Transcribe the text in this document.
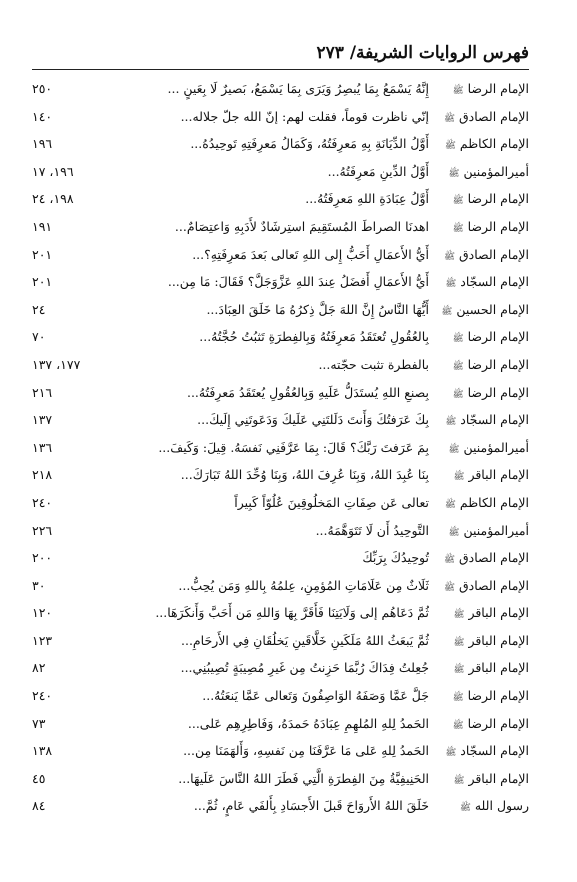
فهرس الروايات الشريفة/ ٢٧٣
الإمام الرضا ﷺ
إِنَّهُ يَسْمَعُ بِمَا يُبصِرُ وَيَرَى بِمَا يَسْمَعُ، بَصيرٌ لَا بِعَينٍ ...
٢٥٠
الإمام الصادق ﷺ
إنّي ناظرت قوماً، فقلت لهم: إنّ الله جلّ جلاله...
١٤٠
الإمام الكاظم ﷺ
أَوَّلُ الدِّيَانَةِ بِهِ مَعرِفَتُهُ، وَكَمَالُ مَعرِفَتِهِ تَوحِيدُهُ...
١٩٦
أميرالمؤمنين ﷺ
أَوَّلُ الدِّينِ مَعرِفَتُهُ...
١٩٦، ١٧
الإمام الرضا ﷺ
أَوَّلُ عِبَادَةِ اللهِ مَعرِفَتُهُ...
١٩٨، ٢٤
الإمام الرضا ﷺ
اهدنَا الصراطَ المُستَقِيمَ استِرشَادٌ لأَدَبِهِ وَاعتِصَامٌ...
١٩١
الإمام الصادق ﷺ
أَيُّ الأَعمَالِ أَحَبُّ إِلى اللهِ تَعالى بَعدَ مَعرِفَتِهِ؟...
٢٠١
الإمام السجّاد ﷺ
أَيُّ الأَعمَالِ أَفضَلُ عِندَ اللهِ عَزَّوَجَلَّ؟ فَقَالَ: مَا مِن...
٢٠١
الإمام الحسين ﷺ
أَيُّهَا النَّاسُ إِنَّ اللهَ جَلَّ ذِكرُهُ مَا خَلَقَ العِبَادَ...
٢٤
الإمام الرضا ﷺ
بِالعُقُولِ تُعتَقَدُ مَعرِفَتُهُ وَبِالفِطرَةِ تَثبُتُ حُجَّتُهُ...
٧٠
الإمام الرضا ﷺ
بالفطرة تثبت حجّته...
١٧٧، ١٣٧
الإمام الرضا ﷺ
بِصنعِ اللهِ يُستَدَلُّ عَلَيهِ وَبِالعُقُولِ يُعتَقَدُ مَعرِفَتُهُ...
٢١٦
الإمام السجّاد ﷺ
بِكَ عَرَفتُكَ وَأَنتَ دَلَلتَنِي عَلَيكَ وَدَعَوتَنِي إِلَيكَ...
١٣٧
أميرالمؤمنين ﷺ
بِمَ عَرَفتَ رَبَّكَ؟ قَالَ: بِمَا عَرَّفَنِي نَفسَهُ. قِيلَ: وَكَيفَ...
١٣٦
الإمام الباقر ﷺ
بِنَا عُبِدَ اللهُ، وَبِنَا عُرِفَ اللهُ، وَبِنَا وُحِّدَ اللهُ تَبَارَكَ...
٢١٨
الإمام الكاظم ﷺ
تعالى عَن صِفَاتِ المَخلُوقِينَ عُلُوّاً كَبِيراً
٢٤٠
أميرالمؤمنين ﷺ
التَّوحِيدُ أَن لَا تَتَوَهَّمَهُ...
٢٢٦
الإمام الصادق ﷺ
تُوحِيدُكَ بِرَبِّكَ
٢٠٠
الإمام الصادق ﷺ
ثَلَاثٌ مِن عَلَامَاتِ المُؤمِنِ، عِلمُهُ بِاللهِ وَمَن يُحِبُّ...
٣٠
الإمام الباقر ﷺ
ثُمَّ دَعَاهُم إلى وَلَايَتِنَا فَأَقَرَّ بِهَا وَاللهِ مَن أَحَبَّ وَأَنكَرَهَا...
١٢٠
الإمام الباقر ﷺ
ثُمَّ يَبعَثُ اللهُ مَلَكَينِ خَلَّاقَينِ يَخلُقَانِ فِي الأَرحَامِ...
١٢٣
الإمام الباقر ﷺ
جُعِلتُ فِدَاكَ رُبَّمَا حَزِنتُ مِن غَيرِ مُصِيبَةٍ تُصِيبُنِي...
٨٢
الإمام الرضا ﷺ
جَلَّ عَمَّا وَصَفَهُ الوَاصِفُونَ وَتَعالى عَمَّا يَنعَتُهُ...
٢٤٠
الإمام الرضا ﷺ
الحَمدُ لِلهِ المُلهِمِ عِبَادَهُ حَمدَهُ، وَفَاطِرِهِم عَلى...
٧٣
الإمام السجّاد ﷺ
الحَمدُ لِلهِ عَلى مَا عَرَّفَنَا مِن نَفسِهِ، وَأَلهَمَنَا مِن...
١٣٨
الإمام الباقر ﷺ
الحَنِيفِيَّةُ مِنَ الفِطرَةِ الَّتِي فَطَرَ اللهُ النَّاسَ عَلَيهَا...
٤٥
رسول الله ﷺ
خَلَقَ اللهُ الأَروَاحَ قَبلَ الأَجسَادِ بِأَلفَي عَامٍ، ثُمَّ...
٨٤
